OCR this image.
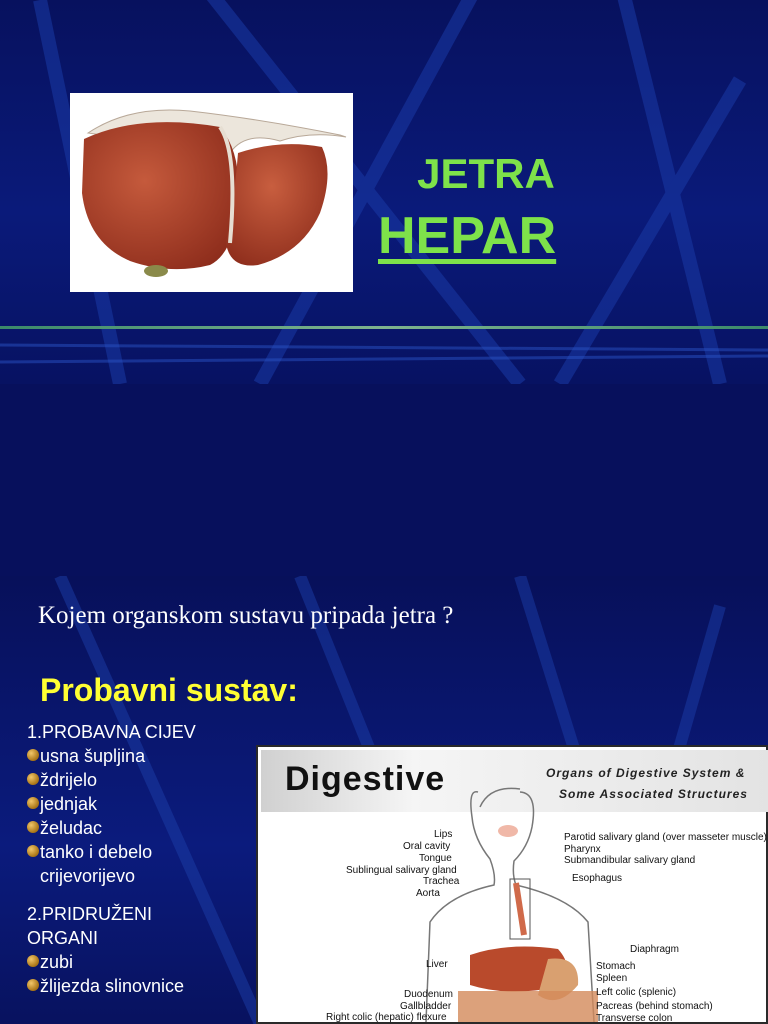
JETRA
HEPAR
Kojem organskom sustavu pripada jetra ?
Probavni sustav:
1.PROBAVNA CIJEV
usna šupljina
ždrijelo
jednjak
želudac
tanko i debelo crijevorijevo
2.PRIDRUŽENI ORGANI
zubi
žlijezda slinovnice
Digestive	Organs of Digestive System &
Some Associated Structures
Lips
Oral cavity
Tongue
Sublingual salivary gland
Trachea
Aorta
Liver
Duodenum
Gallbladder
Right colic (hepatic) flexure
Parotid salivary gland (over masseter muscle)
Pharynx
Submandibular salivary gland
Esophagus
Diaphragm
Stomach
Spleen
Left colic (splenic)
Pacreas (behind stomach)
Transverse colon
